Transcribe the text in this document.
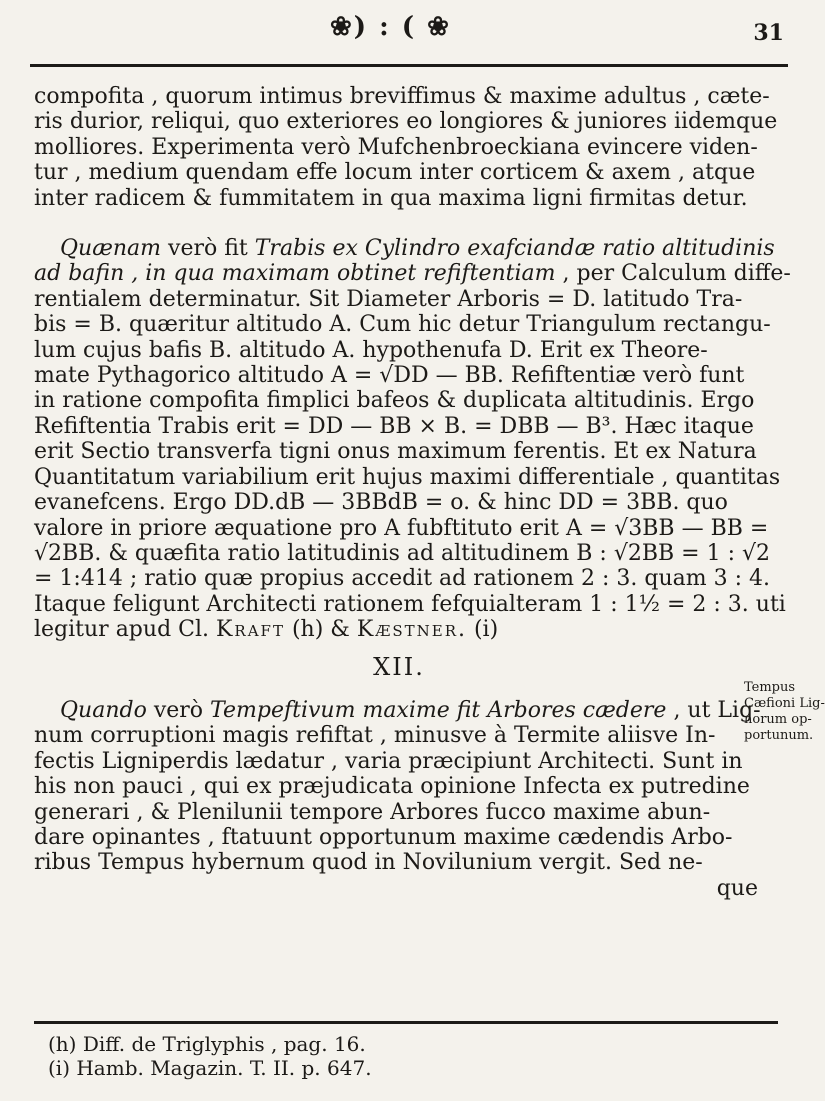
❀) : ( ❀	31
compofita , quorum intimus breviffimus & maxime adultus , cæte-
ris durior, reliqui, quo exteriores eo longiores & juniores iidemque
molliores. Experimenta verò Mufchenbroeckiana evincere viden-
tur , medium quendam effe locum inter corticem & axem , atque
inter radicem & fummitatem in qua maxima ligni firmitas detur.
Quænam verò fit Trabis ex Cylindro exafciandæ ratio altitudinis
ad bafin , in qua maximam obtinet refiftentiam , per Calculum diffe-
rentialem determinatur. Sit Diameter Arboris = D. latitudo Tra-
bis = B. quæritur altitudo A. Cum hic detur Triangulum rectangu-
lum cujus bafis B. altitudo A. hypothenufa D. Erit ex Theore-
mate Pythagorico altitudo A = √DD — BB. Refiftentiæ verò funt
in ratione compofita fimplici bafeos & duplicata altitudinis. Ergo
Refiftentia Trabis erit = DD — BB × B. = DBB — B³. Hæc itaque
erit Sectio transverfa tigni onus maximum ferentis. Et ex Natura
Quantitatum variabilium erit hujus maximi differentiale , quantitas
evanefcens. Ergo DD.dB — 3BBdB = o. & hinc DD = 3BB. quo
valore in priore æquatione pro A fubftituto erit A = √3BB — BB =
√2BB. & quæfita ratio latitudinis ad altitudinem B : √2BB = 1 : √2
= 1:414 ; ratio quæ propius accedit ad rationem 2 : 3. quam 3 : 4.
Itaque feligunt Architecti rationem fefquialteram 1 : 1½ = 2 : 3. uti
legitur apud Cl. Kraft (h) & Kæstner. (i)
XII.
Quando verò Tempeftivum maxime fit Arbores cædere , ut Lig-
num corruptioni magis refiftat , minusve à Termite aliisve In-
fectis Ligniperdis lædatur , varia præcipiunt Architecti. Sunt in
his non pauci , qui ex præjudicata opinione Infecta ex putredine
generari , & Plenilunii tempore Arbores fucco maxime abun-
dare opinantes , ftatuunt opportunum maxime cædendis Arbo-
ribus Tempus hybernum quod in Novilunium vergit. Sed ne-
que
Tempus
Cæfioni Lig-
norum op-
portunum.
(h) Diff. de Triglyphis , pag. 16.
(i) Hamb. Magazin. T. II. p. 647.
